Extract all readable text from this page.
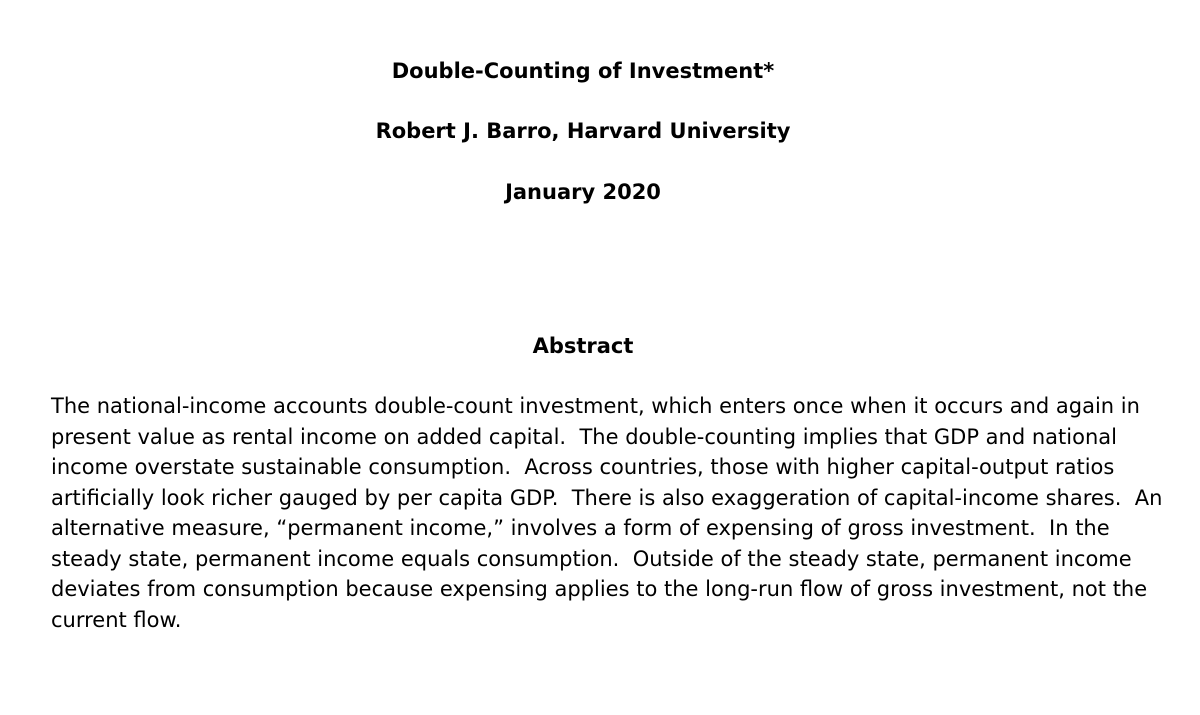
Double-Counting of Investment*
Robert J. Barro, Harvard University
January 2020
Abstract
The national-income accounts double-count investment, which enters once when it occurs and again in
present value as rental income on added capital.  The double-counting implies that GDP and national
income overstate sustainable consumption.  Across countries, those with higher capital-output ratios
artificially look richer gauged by per capita GDP.  There is also exaggeration of capital-income shares.  An
alternative measure, “permanent income,” involves a form of expensing of gross investment.  In the
steady state, permanent income equals consumption.  Outside of the steady state, permanent income
deviates from consumption because expensing applies to the long-run flow of gross investment, not the
current flow.
